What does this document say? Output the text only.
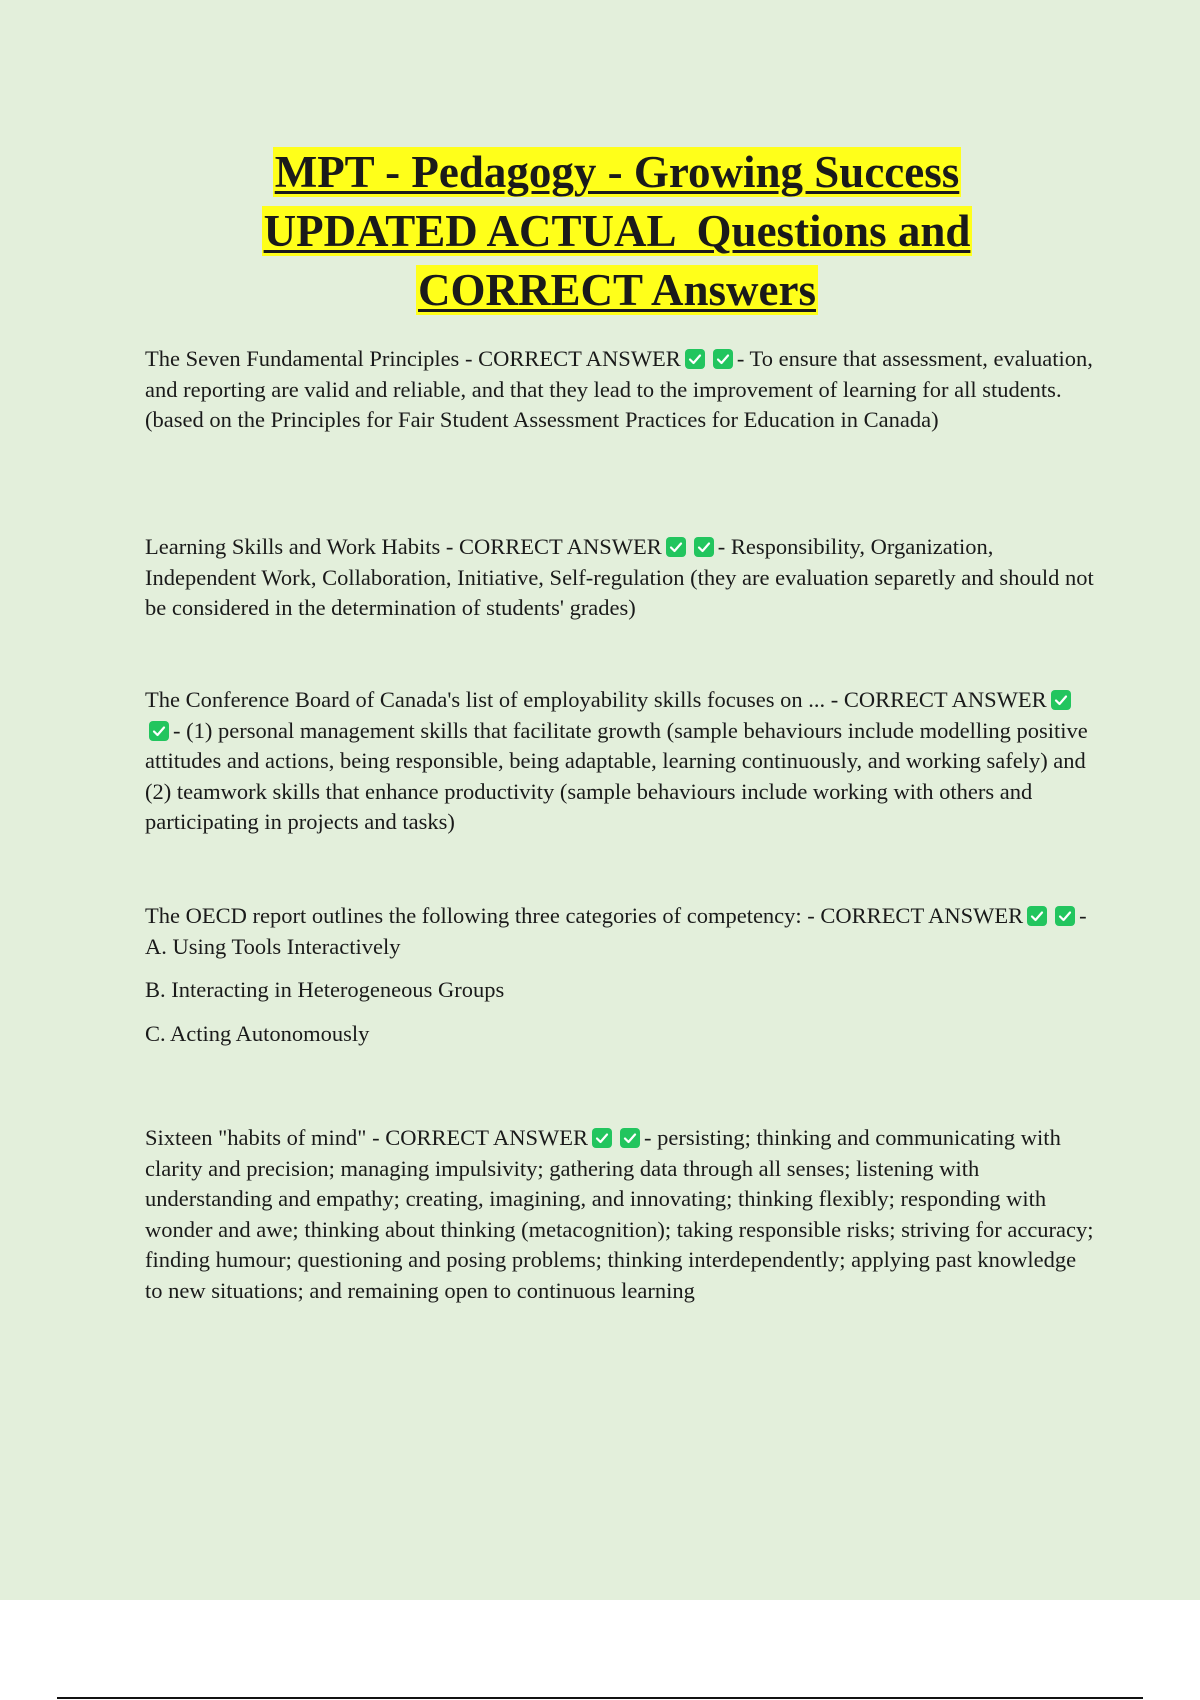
MPT - Pedagogy - Growing Success
UPDATED ACTUAL  Questions and
CORRECT Answers

The Seven Fundamental Principles - CORRECT ANSWER - To ensure that assessment, evaluation, and reporting are valid and reliable, and that they lead to the improvement of learning for all students. (based on the Principles for Fair Student Assessment Practices for Education in Canada)

Learning Skills and Work Habits - CORRECT ANSWER - Responsibility, Organization, Independent Work, Collaboration, Initiative, Self-regulation (they are evaluation separetly and should not be considered in the determination of students' grades)

The Conference Board of Canada's list of employability skills focuses on ... - CORRECT ANSWER
- (1) personal management skills that facilitate growth (sample behaviours include modelling positive attitudes and actions, being responsible, being adaptable, learning continuously, and working safely) and (2) teamwork skills that enhance productivity (sample behaviours include working with others and participating in projects and tasks)

The OECD report outlines the following three categories of competency: - CORRECT ANSWER - A. Using Tools Interactively

B. Interacting in Heterogeneous Groups

C. Acting Autonomously

Sixteen "habits of mind" - CORRECT ANSWER - persisting; thinking and communicating with clarity and precision; managing impulsivity; gathering data through all senses; listening with understanding and empathy; creating, imagining, and innovating; thinking flexibly; responding with wonder and awe; thinking about thinking (metacognition); taking responsible risks; striving for accuracy; finding humour; questioning and posing problems; thinking interdependently; applying past knowledge to new situations; and remaining open to continuous learning
